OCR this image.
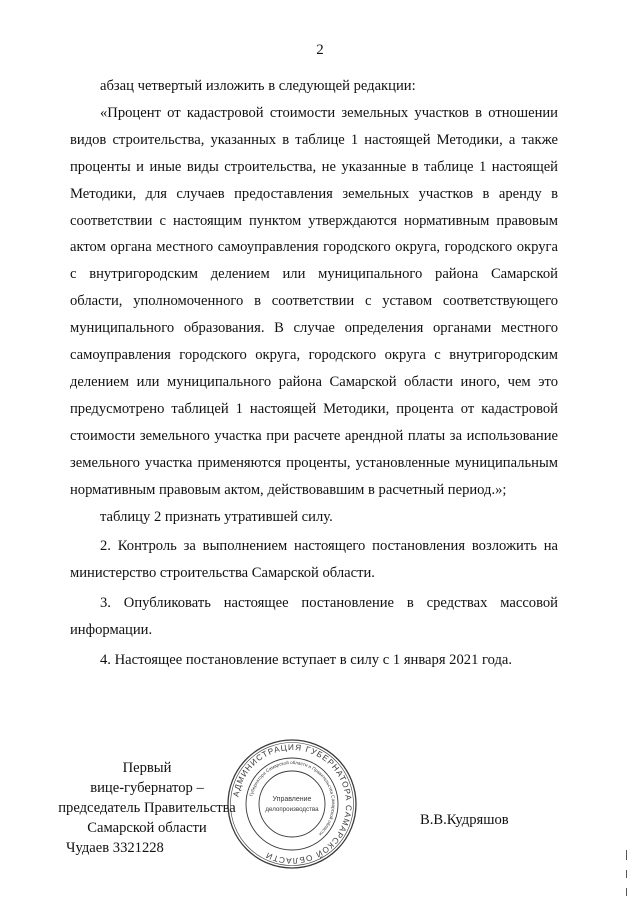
2

абзац четвертый изложить в следующей редакции:

«Процент от кадастровой стоимости земельных участков в отношении видов строительства, указанных в таблице 1 настоящей Методики, а также проценты и иные виды строительства, не указанные в таблице 1 настоящей Методики, для случаев предоставления земельных участков в аренду в соответствии с настоящим пунктом утверждаются нормативным правовым актом органа местного самоуправления городского округа, городского округа с внутригородским делением или муниципального района Самарской области, уполномоченного в соответствии с уставом соответствующего муниципального образования. В случае определения органами местного самоуправления городского округа, городского округа с внутригородским делением или муниципального района Самарской области иного, чем это предусмотрено таблицей 1 настоящей Методики, процента от кадастровой стоимости земельного участка при расчете арендной платы за использование земельного участка применяются проценты, установленные муниципальным нормативным правовым актом, действовавшим в расчетный период.»;

таблицу 2 признать утратившей силу.

2. Контроль за выполнением настоящего постановления возложить на министерство строительства Самарской области.

3. Опубликовать настоящее постановление в средствах массовой информации.

4. Настоящее постановление вступает в силу с 1 января 2021 года.

Первый
вице-губернатор –
председатель Правительства
Самарской области
АДМИНИСТРАЦИЯ ГУБЕРНАТОРА САМАРСКОЙ ОБЛАСТИ
Губернатора Самарской области и Правительства Самарской области
Управление
делопроизводства
В.В.Кудряшов
Чудаев 3321228
